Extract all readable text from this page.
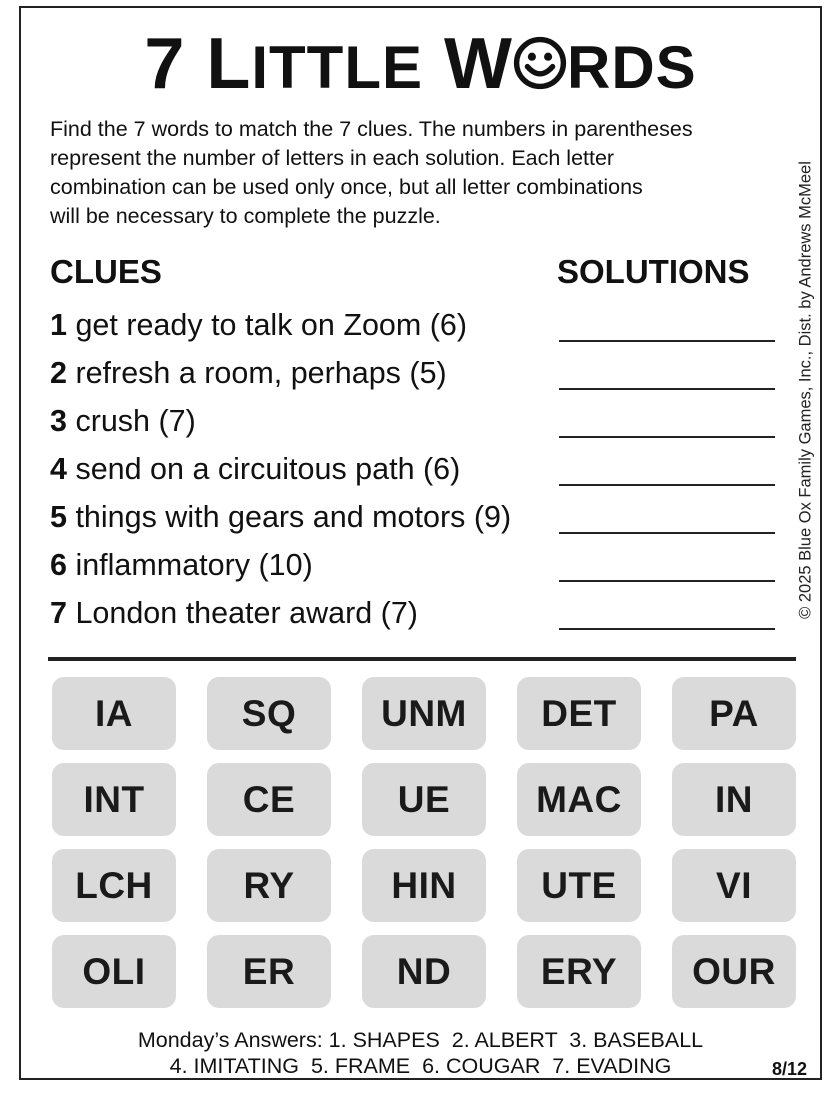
7 LITTLE W RDS
Find the 7 words to match the 7 clues. The numbers in parentheses
represent the number of letters in each solution. Each letter
combination can be used only once, but all letter combinations
will be necessary to complete the puzzle.	© 2025 Blue Ox Family Games, Inc., Dist. by Andrews McMeel
CLUES	SOLUTIONS
1 get ready to talk on Zoom (6)
2 refresh a room, perhaps (5)
3 crush (7)
4 send on a circuitous path (6)
5 things with gears and motors (9)
6 inflammatory (10)
7 London theater award (7)
IA	SQ	UNM	DET	PA
INT	CE	UE	MAC	IN
LCH	RY	HIN	UTE	VI
OLI	ER	ND	ERY	OUR
Monday’s Answers: 1. SHAPES  2. ALBERT  3. BASEBALL
4. IMITATING  5. FRAME  6. COUGAR  7. EVADING	8/12
